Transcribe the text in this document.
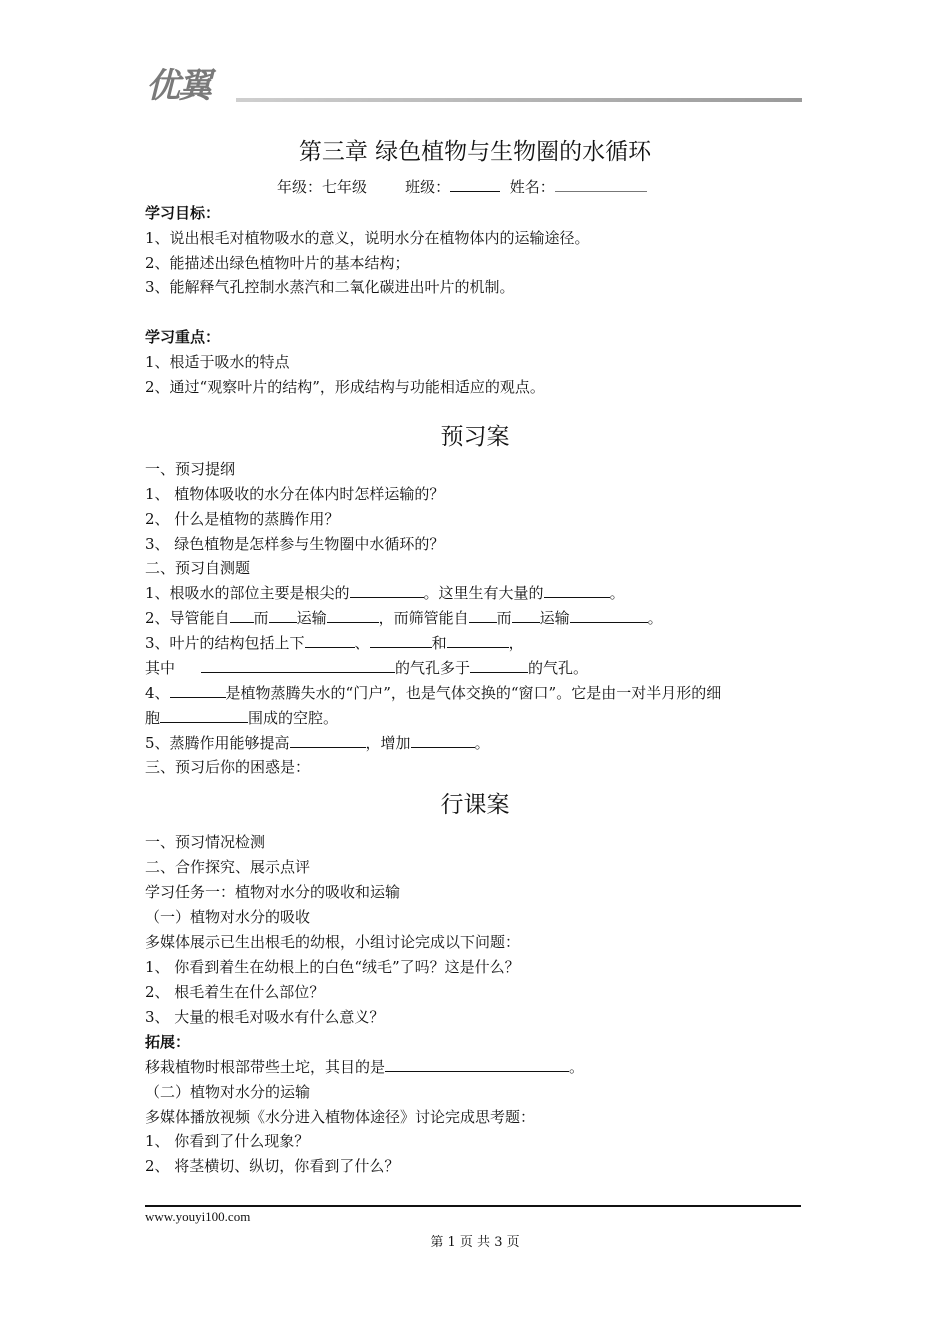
优翼
第三章 绿色植物与生物圈的水循环
年级：七年级	班级：	姓名：
学习目标：
1、说出根毛对植物吸水的意义，说明水分在植物体内的运输途径。
2、能描述出绿色植物叶片的基本结构；
3、能解释气孔控制水蒸汽和二氧化碳进出叶片的机制。
学习重点：
1、根适于吸水的特点
2、通过“观察叶片的结构”，形成结构与功能相适应的观点。
预习案
一、预习提纲
1、 植物体吸收的水分在体内时怎样运输的？
2、 什么是植物的蒸腾作用？
3、 绿色植物是怎样参与生物圈中水循环的？
二、预习自测题
1、根吸水的部位主要是根尖的	。这里生有大量的	。
2、导管能自 而 运输	，而筛管能自 而 运输	。
3、叶片的结构包括上下	、	和	，
其中	的气孔多于	的气孔。
4、	是植物蒸腾失水的“门户”，也是气体交换的“窗口”。它是由一对半月形的细
胞	围成的空腔。
5、蒸腾作用能够提高	，增加	。
三、预习后你的困惑是：
行课案
一、预习情况检测
二、合作探究、展示点评
学习任务一：植物对水分的吸收和运输
（一）植物对水分的吸收
多媒体展示已生出根毛的幼根，小组讨论完成以下问题：
1、 你看到着生在幼根上的白色“绒毛”了吗？这是什么？
2、 根毛着生在什么部位？
3、 大量的根毛对吸水有什么意义？
拓展：
移栽植物时根部带些土坨，其目的是	。
（二）植物对水分的运输
多媒体播放视频《水分进入植物体途径》讨论完成思考题：
1、 你看到了什么现象？
2、 将茎横切、纵切，你看到了什么？
www.youyi100.com
第 1 页 共 3 页
